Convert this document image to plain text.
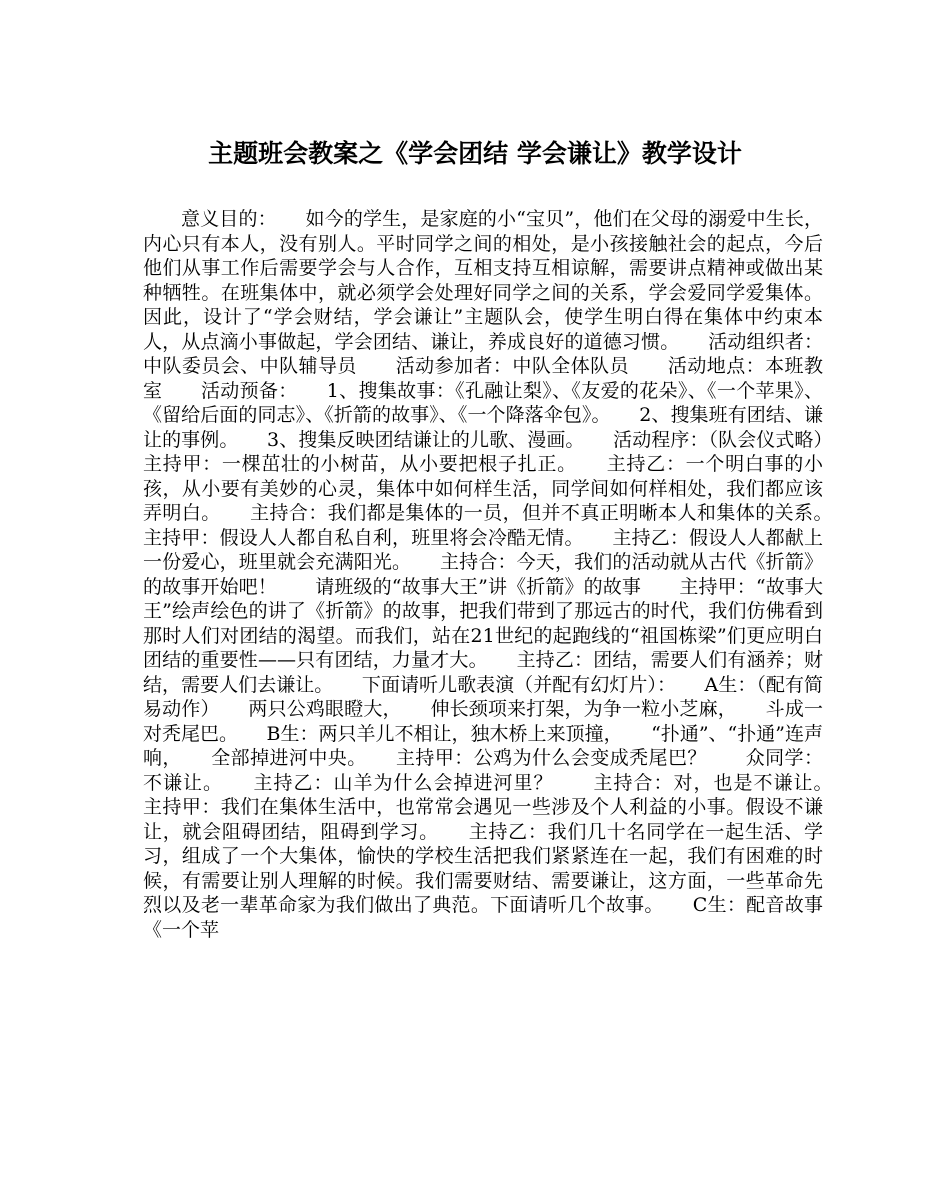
主题班会教案之《学会团结 学会谦让》教学设计

意义目的：　　如今的学生，是家庭的小“宝贝”，他们在父母的溺爱中生长，内心只有本人，没有别人。平时同学之间的相处，是小孩接触社会的起点，今后他们从事工作后需要学会与人合作，互相支持互相谅解，需要讲点精神或做出某种牺牲。在班集体中，就必须学会处理好同学之间的关系，学会爱同学爱集体。因此，设计了“学会财结，学会谦让”主题队会，使学生明白得在集体中约束本人，从点滴小事做起，学会团结、谦让，养成良好的道德习惯。　　活动组织者：中队委员会、中队辅导员　　活动参加者：中队全体队员　　活动地点：本班教室　　活动预备：　　1、搜集故事：《孔融让梨》、《友爱的花朵》、《一个苹果》、《留给后面的同志》、《折箭的故事》、《一个降落伞包》。　　2、搜集班有团结、谦让的事例。　　3、搜集反映团结谦让的儿歌、漫画。　　活动程序：（队会仪式略）　　主持甲：一棵茁壮的小树苗，从小要把根子扎正。　　主持乙：一个明白事的小孩，从小要有美妙的心灵，集体中如何样生活，同学间如何样相处，我们都应该弄明白。　　主持合：我们都是集体的一员，但并不真正明晰本人和集体的关系。　　主持甲：假设人人都自私自利，班里将会冷酷无情。　　主持乙：假设人人都献上一份爱心，班里就会充满阳光。　　主持合：今天，我们的活动就从古代《折箭》的故事开始吧！　　请班级的“故事大王”讲《折箭》的故事　　主持甲：“故事大王”绘声绘色的讲了《折箭》的故事，把我们带到了那远古的时代，我们仿佛看到那时人们对团结的渴望。而我们，站在21世纪的起跑线的“祖国栋梁”们更应明白团结的重要性——只有团结，力量才大。　　主持乙：团结，需要人们有涵养；财结，需要人们去谦让。　　下面请听儿歌表演（并配有幻灯片）：　　A生：（配有简易动作）　　两只公鸡眼瞪大，　　伸长颈项来打架，为争一粒小芝麻，　　斗成一对秃尾巴。　　B生：两只羊儿不相让，独木桥上来顶撞，　　“扑通”、“扑通”连声响，　　全部掉进河中央。　　主持甲：公鸡为什么会变成秃尾巴？　　众同学：不谦让。　　主持乙：山羊为什么会掉进河里？　　主持合：对，也是不谦让。　　主持甲：我们在集体生活中，也常常会遇见一些涉及个人利益的小事。假设不谦让，就会阻碍团结，阻碍到学习。　　主持乙：我们几十名同学在一起生活、学习，组成了一个大集体，愉快的学校生活把我们紧紧连在一起，我们有困难的时候，有需要让别人理解的时候。我们需要财结、需要谦让，这方面，一些革命先烈以及老一辈革命家为我们做出了典范。下面请听几个故事。　　C生：配音故事《一个苹
